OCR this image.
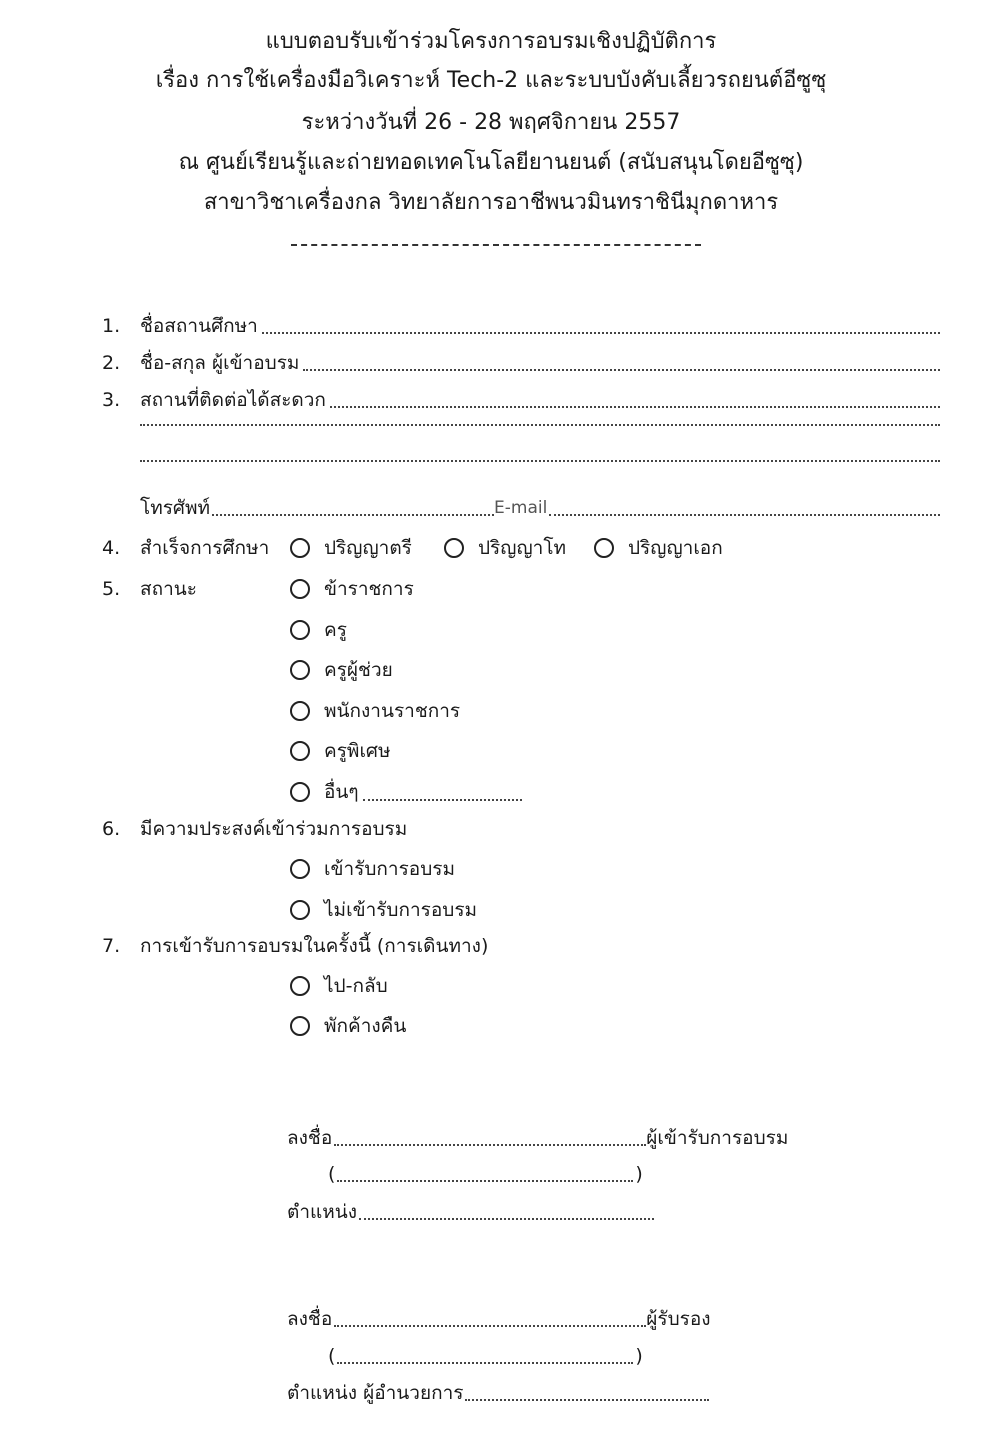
แบบตอบรับเข้าร่วมโครงการอบรมเชิงปฏิบัติการ
เรื่อง การใช้เครื่องมือวิเคราะห์ Tech-2 และระบบบังคับเลี้ยวรถยนต์อีซูซุ
ระหว่างวันที่ 26 - 28 พฤศจิกายน 2557
ณ ศูนย์เรียนรู้และถ่ายทอดเทคโนโลยียานยนต์ (สนับสนุนโดยอีซูซุ)
สาขาวิชาเครื่องกล วิทยาลัยการอาชีพนวมินทราชินีมุกดาหาร
1. ชื่อสถานศึกษา
2. ชื่อ-สกุล ผู้เข้าอบรม
3. สถานที่ติดต่อได้สะดวก
โทรศัพท์	E-mail
4. สำเร็จการศึกษา	ปริญญาตรี	ปริญญาโท	ปริญญาเอก
5. สถานะ	ข้าราชการ
ครู
ครูผู้ช่วย
พนักงานราชการ
ครูพิเศษ
อื่นๆ
6. มีความประสงค์เข้าร่วมการอบรม
เข้ารับการอบรม
ไม่เข้ารับการอบรม
7. การเข้ารับการอบรมในครั้งนี้ (การเดินทาง)
ไป-กลับ
พักค้างคืน
ลงชื่อ	ผู้เข้ารับการอบรม
(	)
ตำแหน่ง
ลงชื่อ	ผู้รับรอง
(	)
ตำแหน่ง ผู้อำนวยการ
